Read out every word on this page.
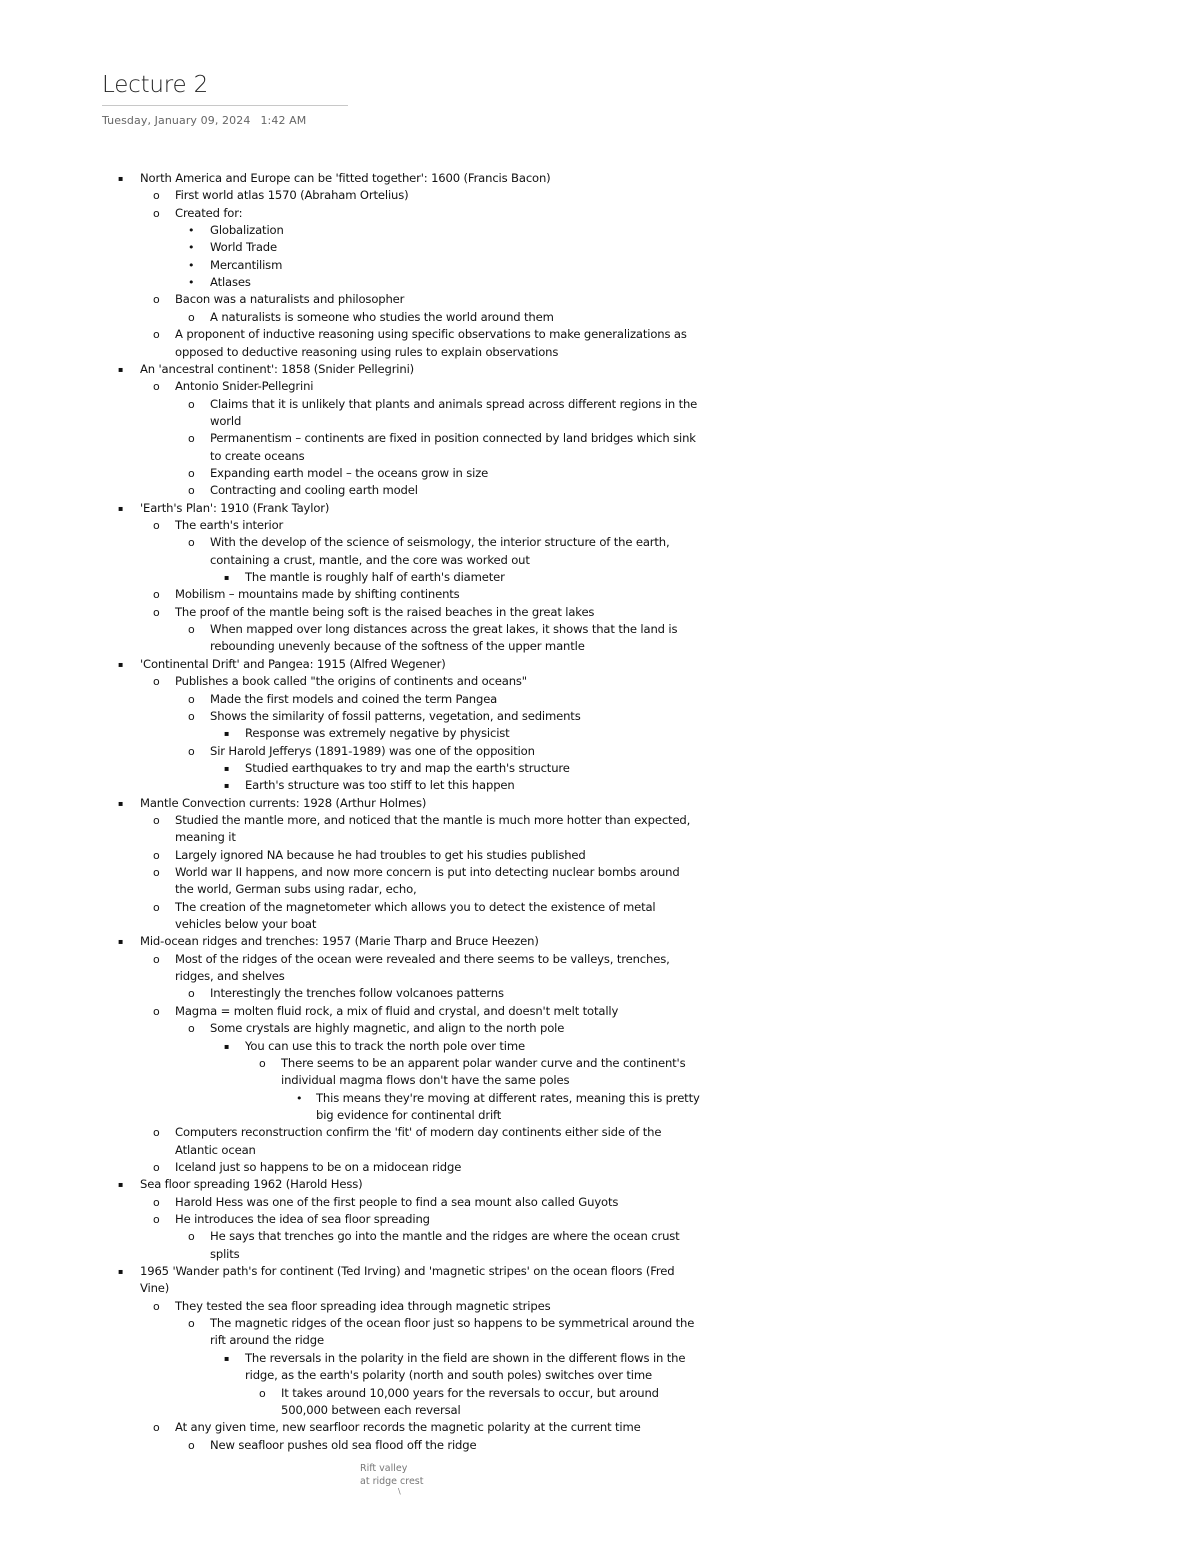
Lecture 2
Tuesday, January 09, 2024 1:42 AM
▪ North America and Europe can be 'fitted together': 1600 (Francis Bacon)
o First world atlas 1570 (Abraham Ortelius)
o Created for:
• Globalization
• World Trade
• Mercantilism
• Atlases
o Bacon was a naturalists and philosopher
o A naturalists is someone who studies the world around them
o A proponent of inductive reasoning using specific observations to make generalizations as
opposed to deductive reasoning using rules to explain observations
▪ An 'ancestral continent': 1858 (Snider Pellegrini)
o Antonio Snider-Pellegrini
o Claims that it is unlikely that plants and animals spread across different regions in the
world
o Permanentism – continents are fixed in position connected by land bridges which sink
to create oceans
o Expanding earth model – the oceans grow in size
o Contracting and cooling earth model
▪ 'Earth's Plan': 1910 (Frank Taylor)
o The earth's interior
o With the develop of the science of seismology, the interior structure of the earth,
containing a crust, mantle, and the core was worked out
▪ The mantle is roughly half of earth's diameter
o Mobilism – mountains made by shifting continents
o The proof of the mantle being soft is the raised beaches in the great lakes
o When mapped over long distances across the great lakes, it shows that the land is
rebounding unevenly because of the softness of the upper mantle
▪ 'Continental Drift' and Pangea: 1915 (Alfred Wegener)
o Publishes a book called "the origins of continents and oceans"
o Made the first models and coined the term Pangea
o Shows the similarity of fossil patterns, vegetation, and sediments
▪ Response was extremely negative by physicist
o Sir Harold Jefferys (1891-1989) was one of the opposition
▪ Studied earthquakes to try and map the earth's structure
▪ Earth's structure was too stiff to let this happen
▪ Mantle Convection currents: 1928 (Arthur Holmes)
o Studied the mantle more, and noticed that the mantle is much more hotter than expected,
meaning it
o Largely ignored NA because he had troubles to get his studies published
o World war II happens, and now more concern is put into detecting nuclear bombs around
the world, German subs using radar, echo,
o The creation of the magnetometer which allows you to detect the existence of metal
vehicles below your boat
▪ Mid-ocean ridges and trenches: 1957 (Marie Tharp and Bruce Heezen)
o Most of the ridges of the ocean were revealed and there seems to be valleys, trenches,
ridges, and shelves
o Interestingly the trenches follow volcanoes patterns
o Magma = molten fluid rock, a mix of fluid and crystal, and doesn't melt totally
o Some crystals are highly magnetic, and align to the north pole
▪ You can use this to track the north pole over time
o There seems to be an apparent polar wander curve and the continent's
individual magma flows don't have the same poles
• This means they're moving at different rates, meaning this is pretty
big evidence for continental drift
o Computers reconstruction confirm the 'fit' of modern day continents either side of the
Atlantic ocean
o Iceland just so happens to be on a midocean ridge
▪ Sea floor spreading 1962 (Harold Hess)
o Harold Hess was one of the first people to find a sea mount also called Guyots
o He introduces the idea of sea floor spreading
o He says that trenches go into the mantle and the ridges are where the ocean crust
splits
▪ 1965 'Wander path's for continent (Ted Irving) and 'magnetic stripes' on the ocean floors (Fred
Vine)
o They tested the sea floor spreading idea through magnetic stripes
o The magnetic ridges of the ocean floor just so happens to be symmetrical around the
rift around the ridge
▪ The reversals in the polarity in the field are shown in the different flows in the
ridge, as the earth's polarity (north and south poles) switches over time
o It takes around 10,000 years for the reversals to occur, but around
500,000 between each reversal
o At any given time, new searfloor records the magnetic polarity at the current time
o New seafloor pushes old sea flood off the ridge
Rift valley
at ridge crest
\
